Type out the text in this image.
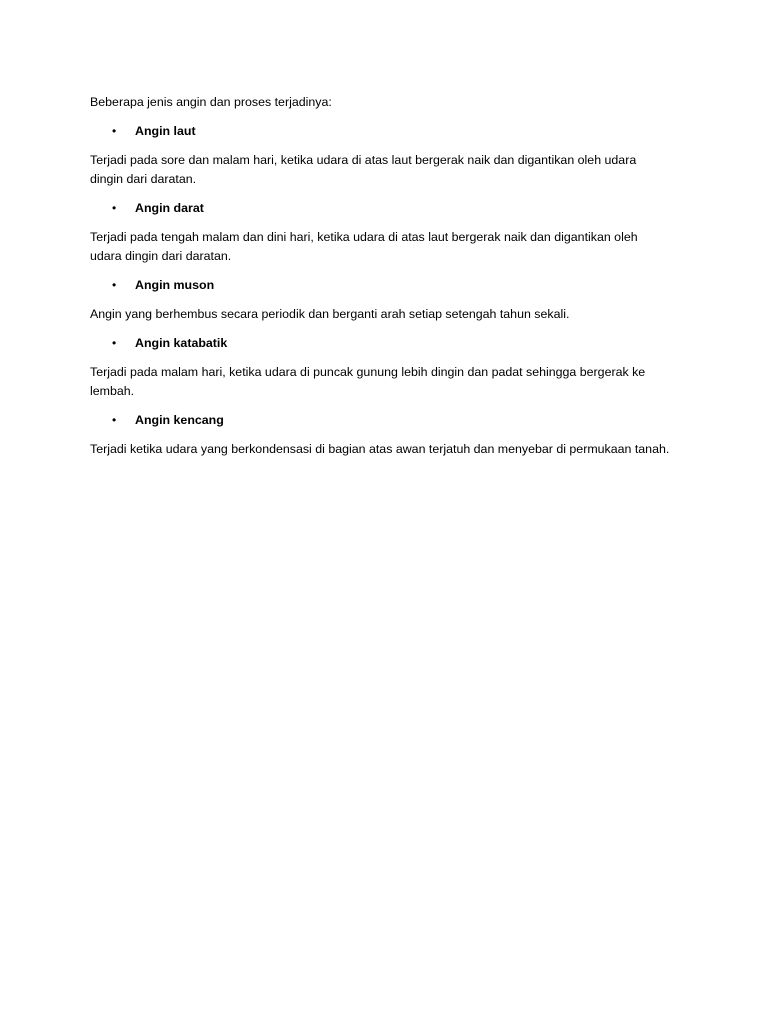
Beberapa jenis angin dan proses terjadinya:

•	Angin laut

Terjadi pada sore dan malam hari, ketika udara di atas laut bergerak naik dan digantikan oleh udara dingin dari daratan.

•	Angin darat

Terjadi pada tengah malam dan dini hari, ketika udara di atas laut bergerak naik dan digantikan oleh udara dingin dari daratan.

•	Angin muson

Angin yang berhembus secara periodik dan berganti arah setiap setengah tahun sekali.

•	Angin katabatik

Terjadi pada malam hari, ketika udara di puncak gunung lebih dingin dan padat sehingga bergerak ke lembah.

•	Angin kencang

Terjadi ketika udara yang berkondensasi di bagian atas awan terjatuh dan menyebar di permukaan tanah.
